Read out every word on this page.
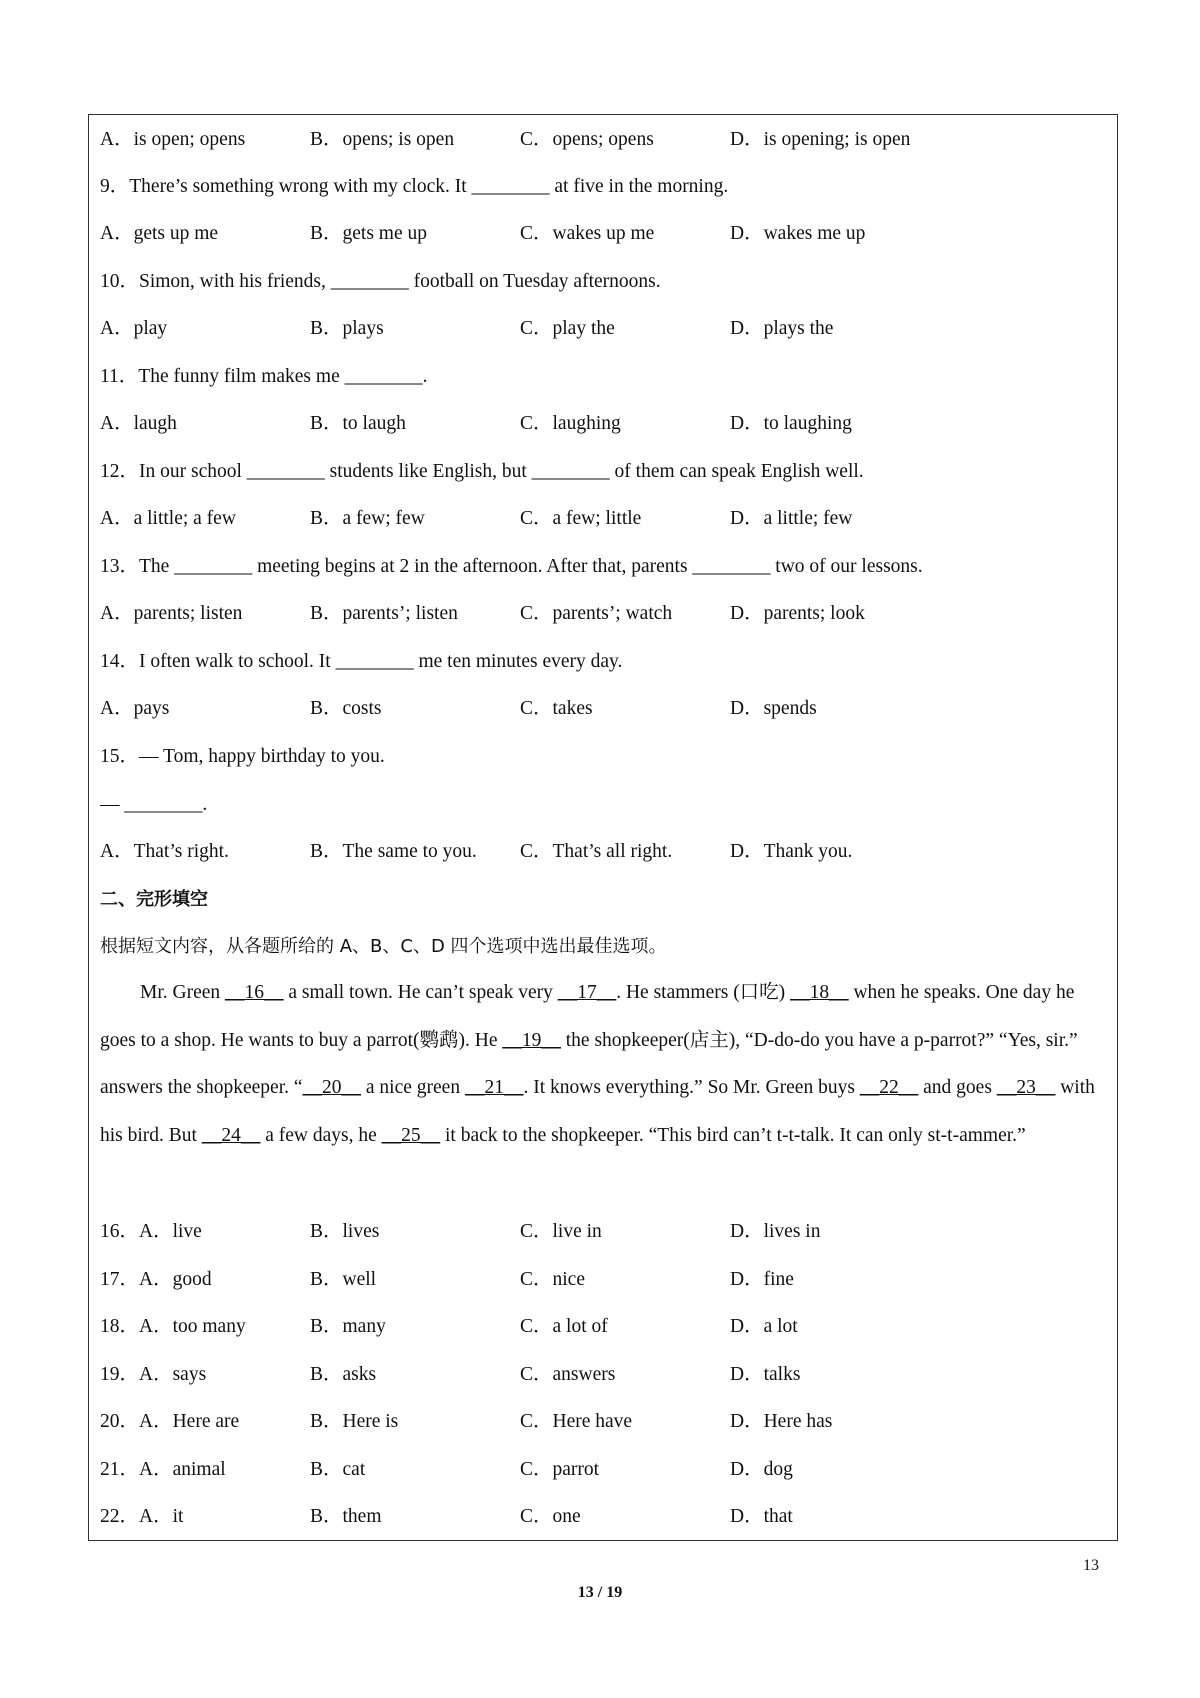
A．is open; opens	B．opens; is open	C．opens; opens	D．is opening; is open
9．There’s something wrong with my clock. It ________ at five in the morning.
A．gets up me	B．gets me up	C．wakes up me	D．wakes me up
10．Simon, with his friends, ________ football on Tuesday afternoons.
A．play	B．plays	C．play the	D．plays the
11．The funny film makes me ________.
A．laugh	B．to laugh	C．laughing	D．to laughing
12．In our school ________ students like English, but ________ of them can speak English well.
A．a little; a few	B．a few; few	C．a few; little	D．a little; few
13．The ________ meeting begins at 2 in the afternoon. After that, parents ________ two of our lessons.
A．parents; listen	B．parents’; listen	C．parents’; watch	D．parents; look
14．I often walk to school. It ________ me ten minutes every day.
A．pays	B．costs	C．takes	D．spends
15．— Tom, happy birthday to you.
— ________.
A．That’s right.	B．The same to you. C．That’s all right.	D．Thank you.
二、完形填空
根据短文内容，从各题所给的 A、B、C、D 四个选项中选出最佳选项。
Mr. Green __16__ a small town. He can’t speak very __17__. He stammers (口吃) __18__ when he speaks. One day he goes to a shop. He wants to buy a parrot(鹦鹉). He __19__ the shopkeeper(店主), “D-do-do you have a p-parrot?” “Yes, sir.” answers the shopkeeper. “__20__ a nice green __21__. It knows everything.” So Mr. Green buys __22__ and goes __23__ with his bird. But __24__ a few days, he __25__ it back to the shopkeeper. “This bird can’t t-t-talk. It can only st-t-ammer.”
16．A．live	B．lives	C．live in	D．lives in
17．A．good	B．well	C．nice	D．fine
18．A．too many	B．many	C．a lot of	D．a lot
19．A．says	B．asks	C．answers	D．talks
20．A．Here are	B．Here is	C．Here have	D．Here has
21．A．animal	B．cat	C．parrot	D．dog
22．A．it	B．them	C．one	D．that
13
13 / 19
